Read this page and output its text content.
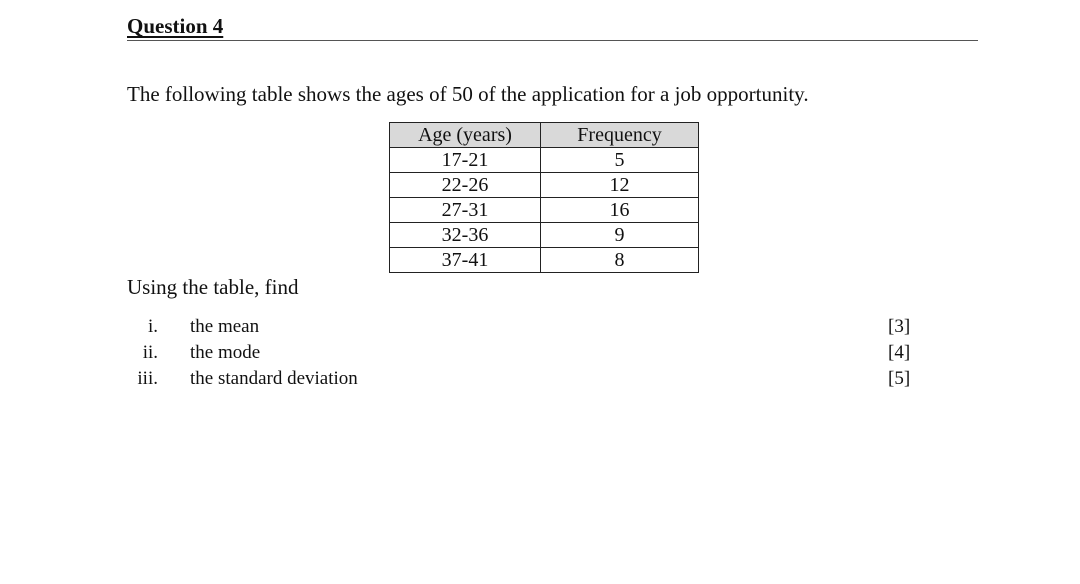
Question 4
The following table shows the ages of 50 of the application for a job opportunity.
Age (years)	Frequency
17-21	5
22-26	12
27-31	16
32-36	9
37-41	8
Using the table, find
i. the mean	[3]
ii. the mode	[4]
iii. the standard deviation	[5]
